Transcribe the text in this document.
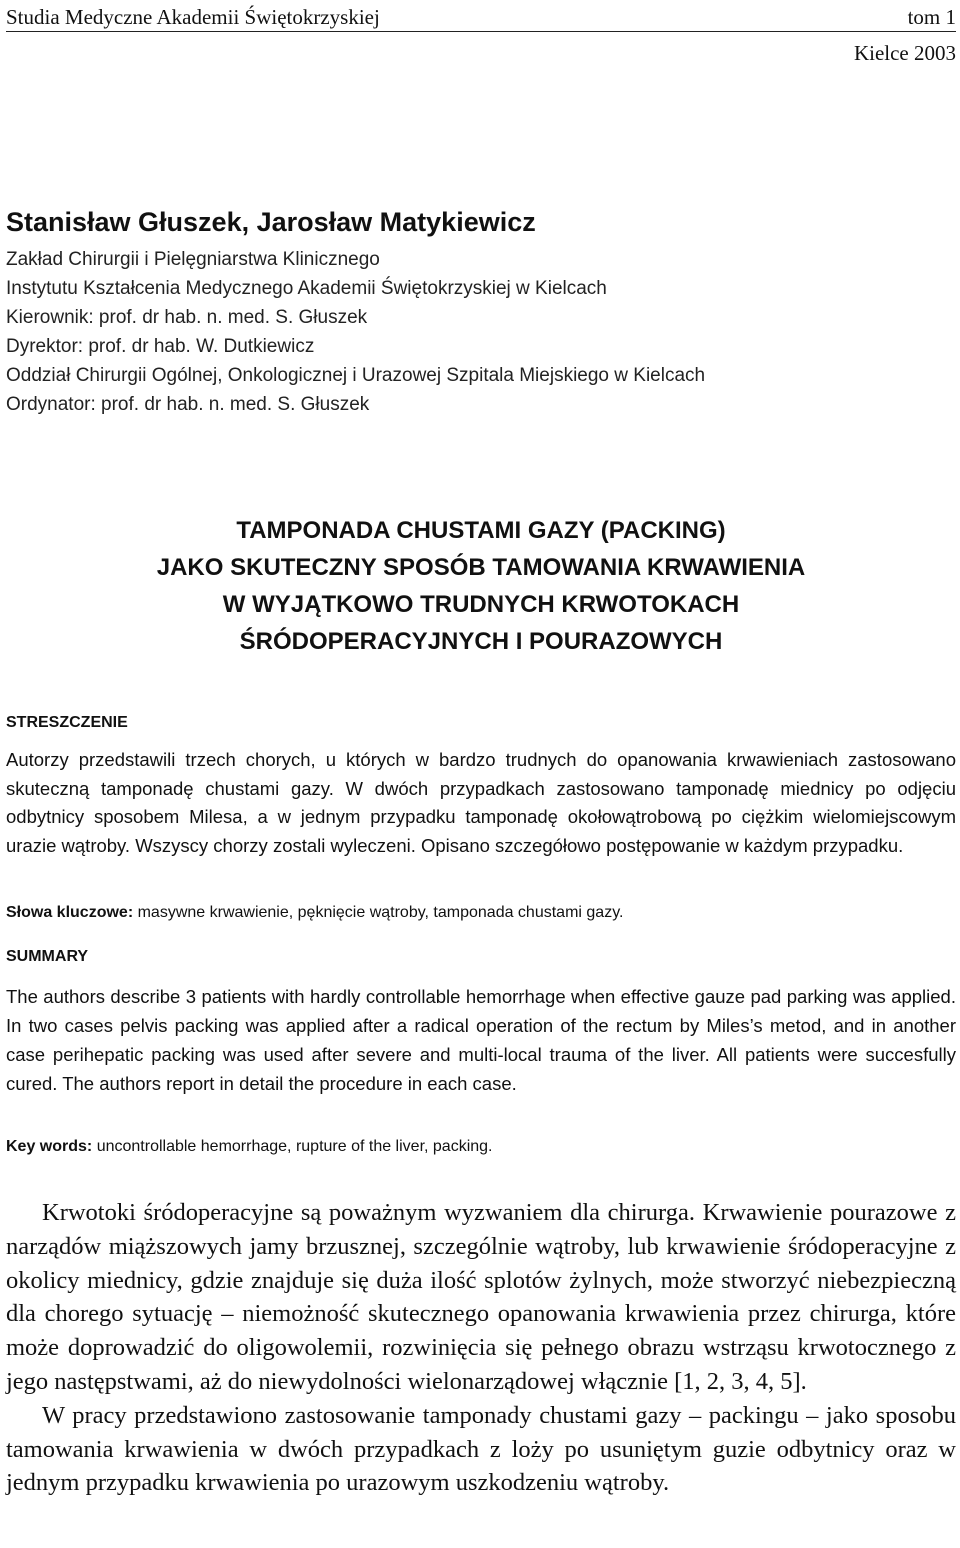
Studia Medyczne Akademii Świętokrzyskiej	tom 1
Kielce 2003
Stanisław Głuszek, Jarosław Matykiewicz
Zakład Chirurgii i Pielęgniarstwa Klinicznego
Instytutu Kształcenia Medycznego Akademii Świętokrzyskiej w Kielcach
Kierownik: prof. dr hab. n. med. S. Głuszek
Dyrektor: prof. dr hab. W. Dutkiewicz
Oddział Chirurgii Ogólnej, Onkologicznej i Urazowej Szpitala Miejskiego w Kielcach
Ordynator: prof. dr hab. n. med. S. Głuszek
TAMPONADA CHUSTAMI GAZY (PACKING)
JAKO SKUTECZNY SPOSÓB TAMOWANIA KRWAWIENIA
W WYJĄTKOWO TRUDNYCH KRWOTOKACH
ŚRÓDOPERACYJNYCH I POURAZOWYCH
STRESZCZENIE
Autorzy przedstawili trzech chorych, u których w bardzo trudnych do opanowania krwawieniach zastosowano skuteczną tamponadę chustami gazy. W dwóch przypadkach zastosowano tamponadę miednicy po odjęciu odbytnicy sposobem Milesa, a w jednym przypadku tamponadę okołowątrobową po ciężkim wielomiejscowym urazie wątroby. Wszyscy chorzy zostali wyleczeni. Opisano szczegółowo postępowanie w każdym przypadku.
Słowa kluczowe: masywne krwawienie, pęknięcie wątroby, tamponada chustami gazy.
SUMMARY
The authors describe 3 patients with hardly controllable hemorrhage when effective gauze pad parking was applied. In two cases pelvis packing was applied after a radical operation of the rectum by Miles’s metod, and in another case perihepatic packing was used after severe and multi-local trauma of the liver. All patients were succesfully cured. The authors report in detail the procedure in each case.
Key words: uncontrollable hemorrhage, rupture of the liver, packing.

Krwotoki śródoperacyjne są poważnym wyzwaniem dla chirurga. Krwawienie pourazowe z narządów miąższowych jamy brzusznej, szczególnie wątroby, lub krwawienie śródoperacyjne z okolicy miednicy, gdzie znajduje się duża ilość splotów żylnych, może stworzyć niebezpieczną dla chorego sytuację – niemożność skutecznego opanowania krwawienia przez chirurga, które może doprowadzić do oligowolemii, rozwinięcia się pełnego obrazu wstrząsu krwotocznego z jego następstwami, aż do niewydolności wielonarządowej włącznie [1, 2, 3, 4, 5].

W pracy przedstawiono zastosowanie tamponady chustami gazy – packingu – jako sposobu tamowania krwawienia w dwóch przypadkach z loży po usuniętym guzie odbytnicy oraz w jednym przypadku krwawienia po urazowym uszkodzeniu wątroby.
